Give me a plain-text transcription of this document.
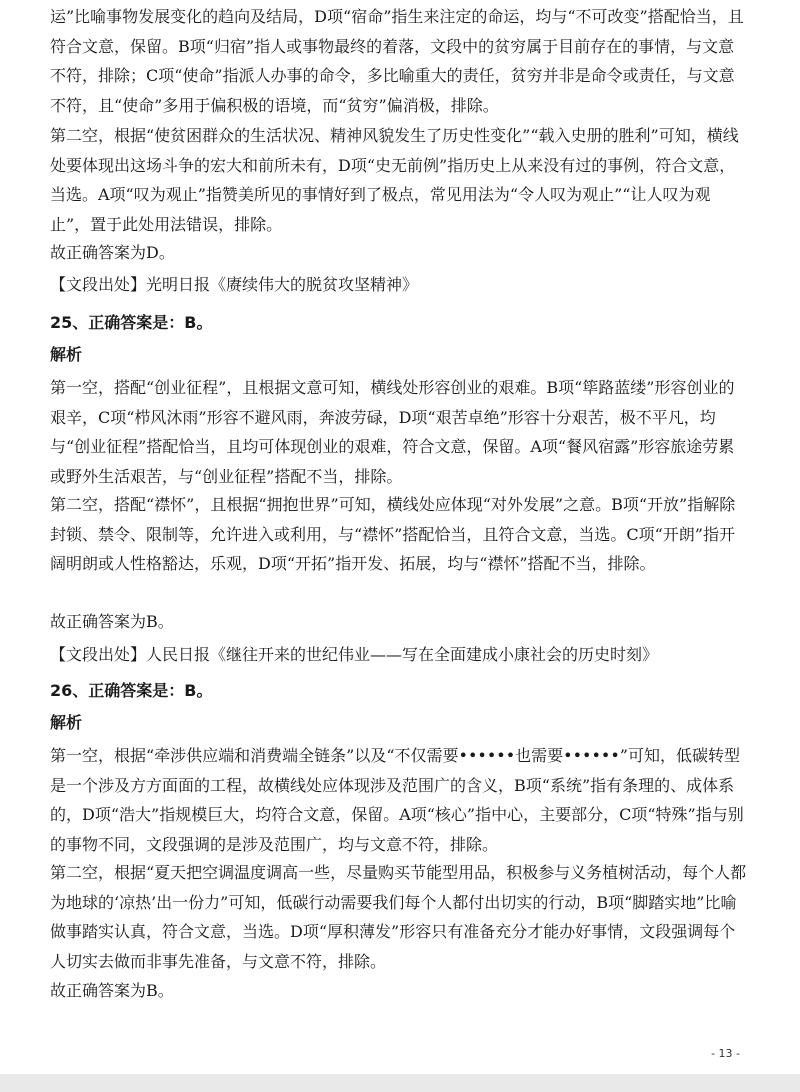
运”比喻事物发展变化的趋向及结局，D项“宿命”指生来注定的命运，均与“不可改变”搭配恰当，且符合文意，保留。B项“归宿”指人或事物最终的着落，文段中的贫穷属于目前存在的事情，与文意不符，排除；C项“使命”指派人办事的命令，多比喻重大的责任，贫穷并非是命令或责任，与文意不符，且“使命”多用于偏积极的语境，而“贫穷”偏消极，排除。

第二空，根据“使贫困群众的生活状况、精神风貌发生了历史性变化”“载入史册的胜利”可知，横线处要体现出这场斗争的宏大和前所未有，D项“史无前例”指历史上从来没有过的事例，符合文意，当选。A项“叹为观止”指赞美所见的事情好到了极点，常见用法为“令人叹为观止”“让人叹为观止”，置于此处用法错误，排除。

故正确答案为D。

【文段出处】光明日报《赓续伟大的脱贫攻坚精神》

25、正确答案是：B。

解析

第一空，搭配“创业征程”，且根据文意可知，横线处形容创业的艰难。B项“筚路蓝缕”形容创业的艰辛，C项“栉风沐雨”形容不避风雨，奔波劳碌，D项“艰苦卓绝”形容十分艰苦，极不平凡，均与“创业征程”搭配恰当，且均可体现创业的艰难，符合文意，保留。A项“餐风宿露”形容旅途劳累或野外生活艰苦，与“创业征程”搭配不当，排除。

第二空，搭配“襟怀”，且根据“拥抱世界”可知，横线处应体现“对外发展”之意。B项“开放”指解除封锁、禁令、限制等，允许进入或利用，与“襟怀”搭配恰当，且符合文意，当选。C项“开朗”指开阔明朗或人性格豁达，乐观，D项“开拓”指开发、拓展，均与“襟怀”搭配不当，排除。

故正确答案为B。

【文段出处】人民日报《继往开来的世纪伟业——写在全面建成小康社会的历史时刻》

26、正确答案是：B。

解析

第一空，根据“牵涉供应端和消费端全链条”以及“不仅需要••••••也需要••••••”可知，低碳转型是一个涉及方方面面的工程，故横线处应体现涉及范围广的含义，B项“系统”指有条理的、成体系的，D项“浩大”指规模巨大，均符合文意，保留。A项“核心”指中心，主要部分，C项“特殊”指与别的事物不同，文段强调的是涉及范围广，均与文意不符，排除。

第二空，根据“夏天把空调温度调高一些，尽量购买节能型用品，积极参与义务植树活动，每个人都为地球的‘凉热’出一份力”可知，低碳行动需要我们每个人都付出切实的行动，B项“脚踏实地”比喻做事踏实认真，符合文意，当选。D项“厚积薄发”形容只有准备充分才能办好事情，文段强调每个人切实去做而非事先准备，与文意不符，排除。

故正确答案为B。

- 13 -
